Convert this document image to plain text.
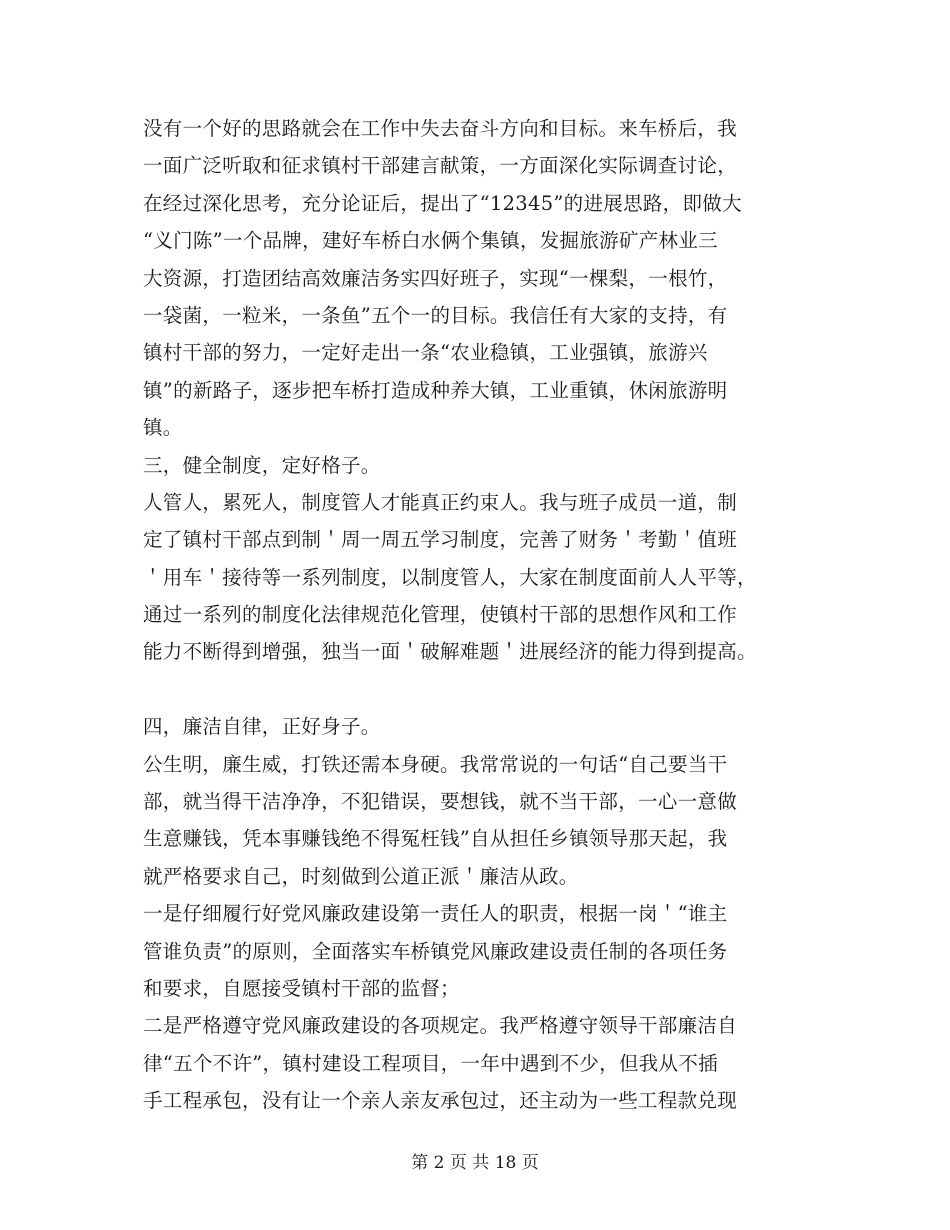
没有一个好的思路就会在工作中失去奋斗方向和目标。来车桥后，我
一面广泛听取和征求镇村干部建言献策，一方面深化实际调查讨论，
在经过深化思考，充分论证后，提出了“12345”的进展思路，即做大
“义门陈”一个品牌，建好车桥白水俩个集镇，发掘旅游矿产林业三
大资源，打造团结高效廉洁务实四好班子，实现“一棵梨，一根竹，
一袋菌，一粒米，一条鱼”五个一的目标。我信任有大家的支持，有
镇村干部的努力，一定好走出一条“农业稳镇，工业强镇，旅游兴
镇”的新路子，逐步把车桥打造成种养大镇，工业重镇，休闲旅游明
镇。
三，健全制度，定好格子。
人管人，累死人，制度管人才能真正约束人。我与班子成员一道，制
定了镇村干部点到制＇周一周五学习制度，完善了财务＇考勤＇值班
＇用车＇接待等一系列制度，以制度管人，大家在制度面前人人平等，
通过一系列的制度化法律规范化管理，使镇村干部的思想作风和工作
能力不断得到增强，独当一面＇破解难题＇进展经济的能力得到提高。
四，廉洁自律，正好身子。
公生明，廉生威，打铁还需本身硬。我常常说的一句话“自己要当干
部，就当得干洁净净，不犯错误，要想钱，就不当干部，一心一意做
生意赚钱，凭本事赚钱绝不得冤枉钱”自从担任乡镇领导那天起，我
就严格要求自己，时刻做到公道正派＇廉洁从政。
一是仔细履行好党风廉政建设第一责任人的职责，根据一岗＇“谁主
管谁负责”的原则，全面落实车桥镇党风廉政建设责任制的各项任务
和要求，自愿接受镇村干部的监督；
二是严格遵守党风廉政建设的各项规定。我严格遵守领导干部廉洁自
律“五个不许”，镇村建设工程项目，一年中遇到不少，但我从不插
手工程承包，没有让一个亲人亲友承包过，还主动为一些工程款兑现
第 2 页 共 18 页
